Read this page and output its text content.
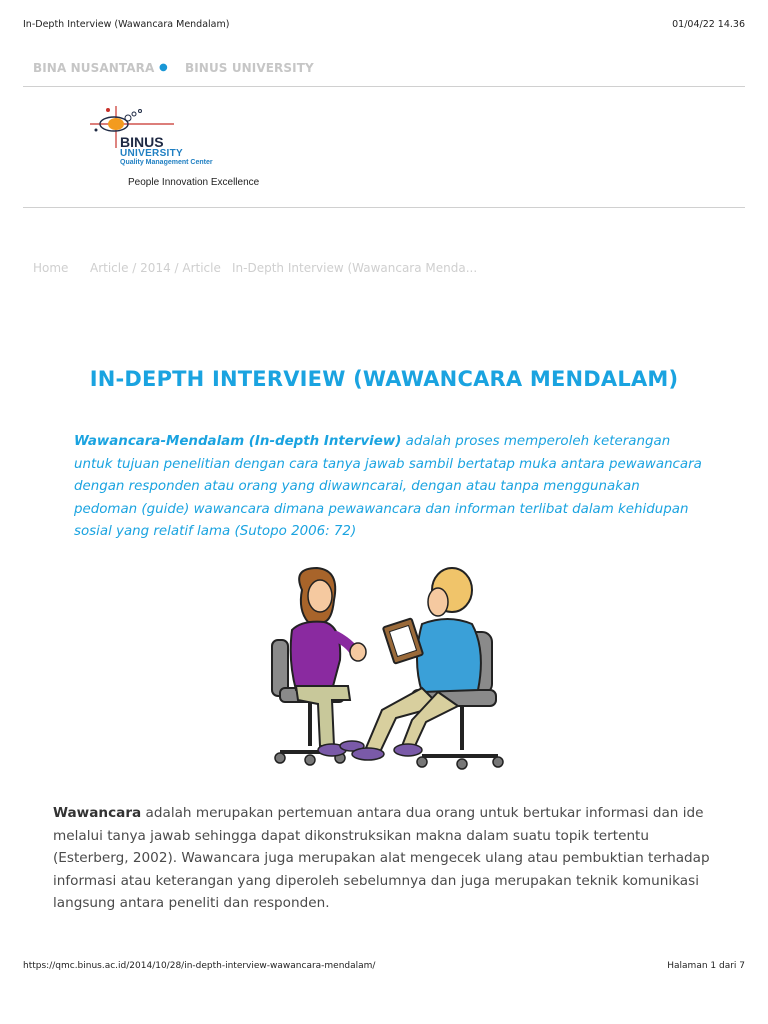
In-Depth Interview (Wawancara Mendalam)	01/04/22 14.36
BINA NUSANTARA ● BINUS UNIVERSITY
BINUS
UNIVERSITY
Quality Management Center
People Innovation Excellence
Home Article / 2014 / Article In-Depth Interview (Wawancara Menda...
IN-DEPTH INTERVIEW (WAWANCARA MENDALAM)

Wawancara-Mendalam (In-depth Interview) adalah proses memperoleh keterangan untuk tujuan penelitian dengan cara tanya jawab sambil bertatap muka antara pewawancara dengan responden atau orang yang diwawncarai, dengan atau tanpa menggunakan pedoman (guide) wawancara dimana pewawancara dan informan terlibat dalam kehidupan sosial yang relatif lama (Sutopo 2006: 72)

Wawancara adalah merupakan pertemuan antara dua orang untuk bertukar informasi dan ide melalui tanya jawab sehingga dapat dikonstruksikan makna dalam suatu topik tertentu (Esterberg, 2002). Wawancara juga merupakan alat mengecek ulang atau pembuktian terhadap informasi atau keterangan yang diperoleh sebelumnya dan juga merupakan teknik komunikasi langsung antara peneliti dan responden.

https://qmc.binus.ac.id/2014/10/28/in-depth-interview-wawancara-mendalam/	Halaman 1 dari 7
